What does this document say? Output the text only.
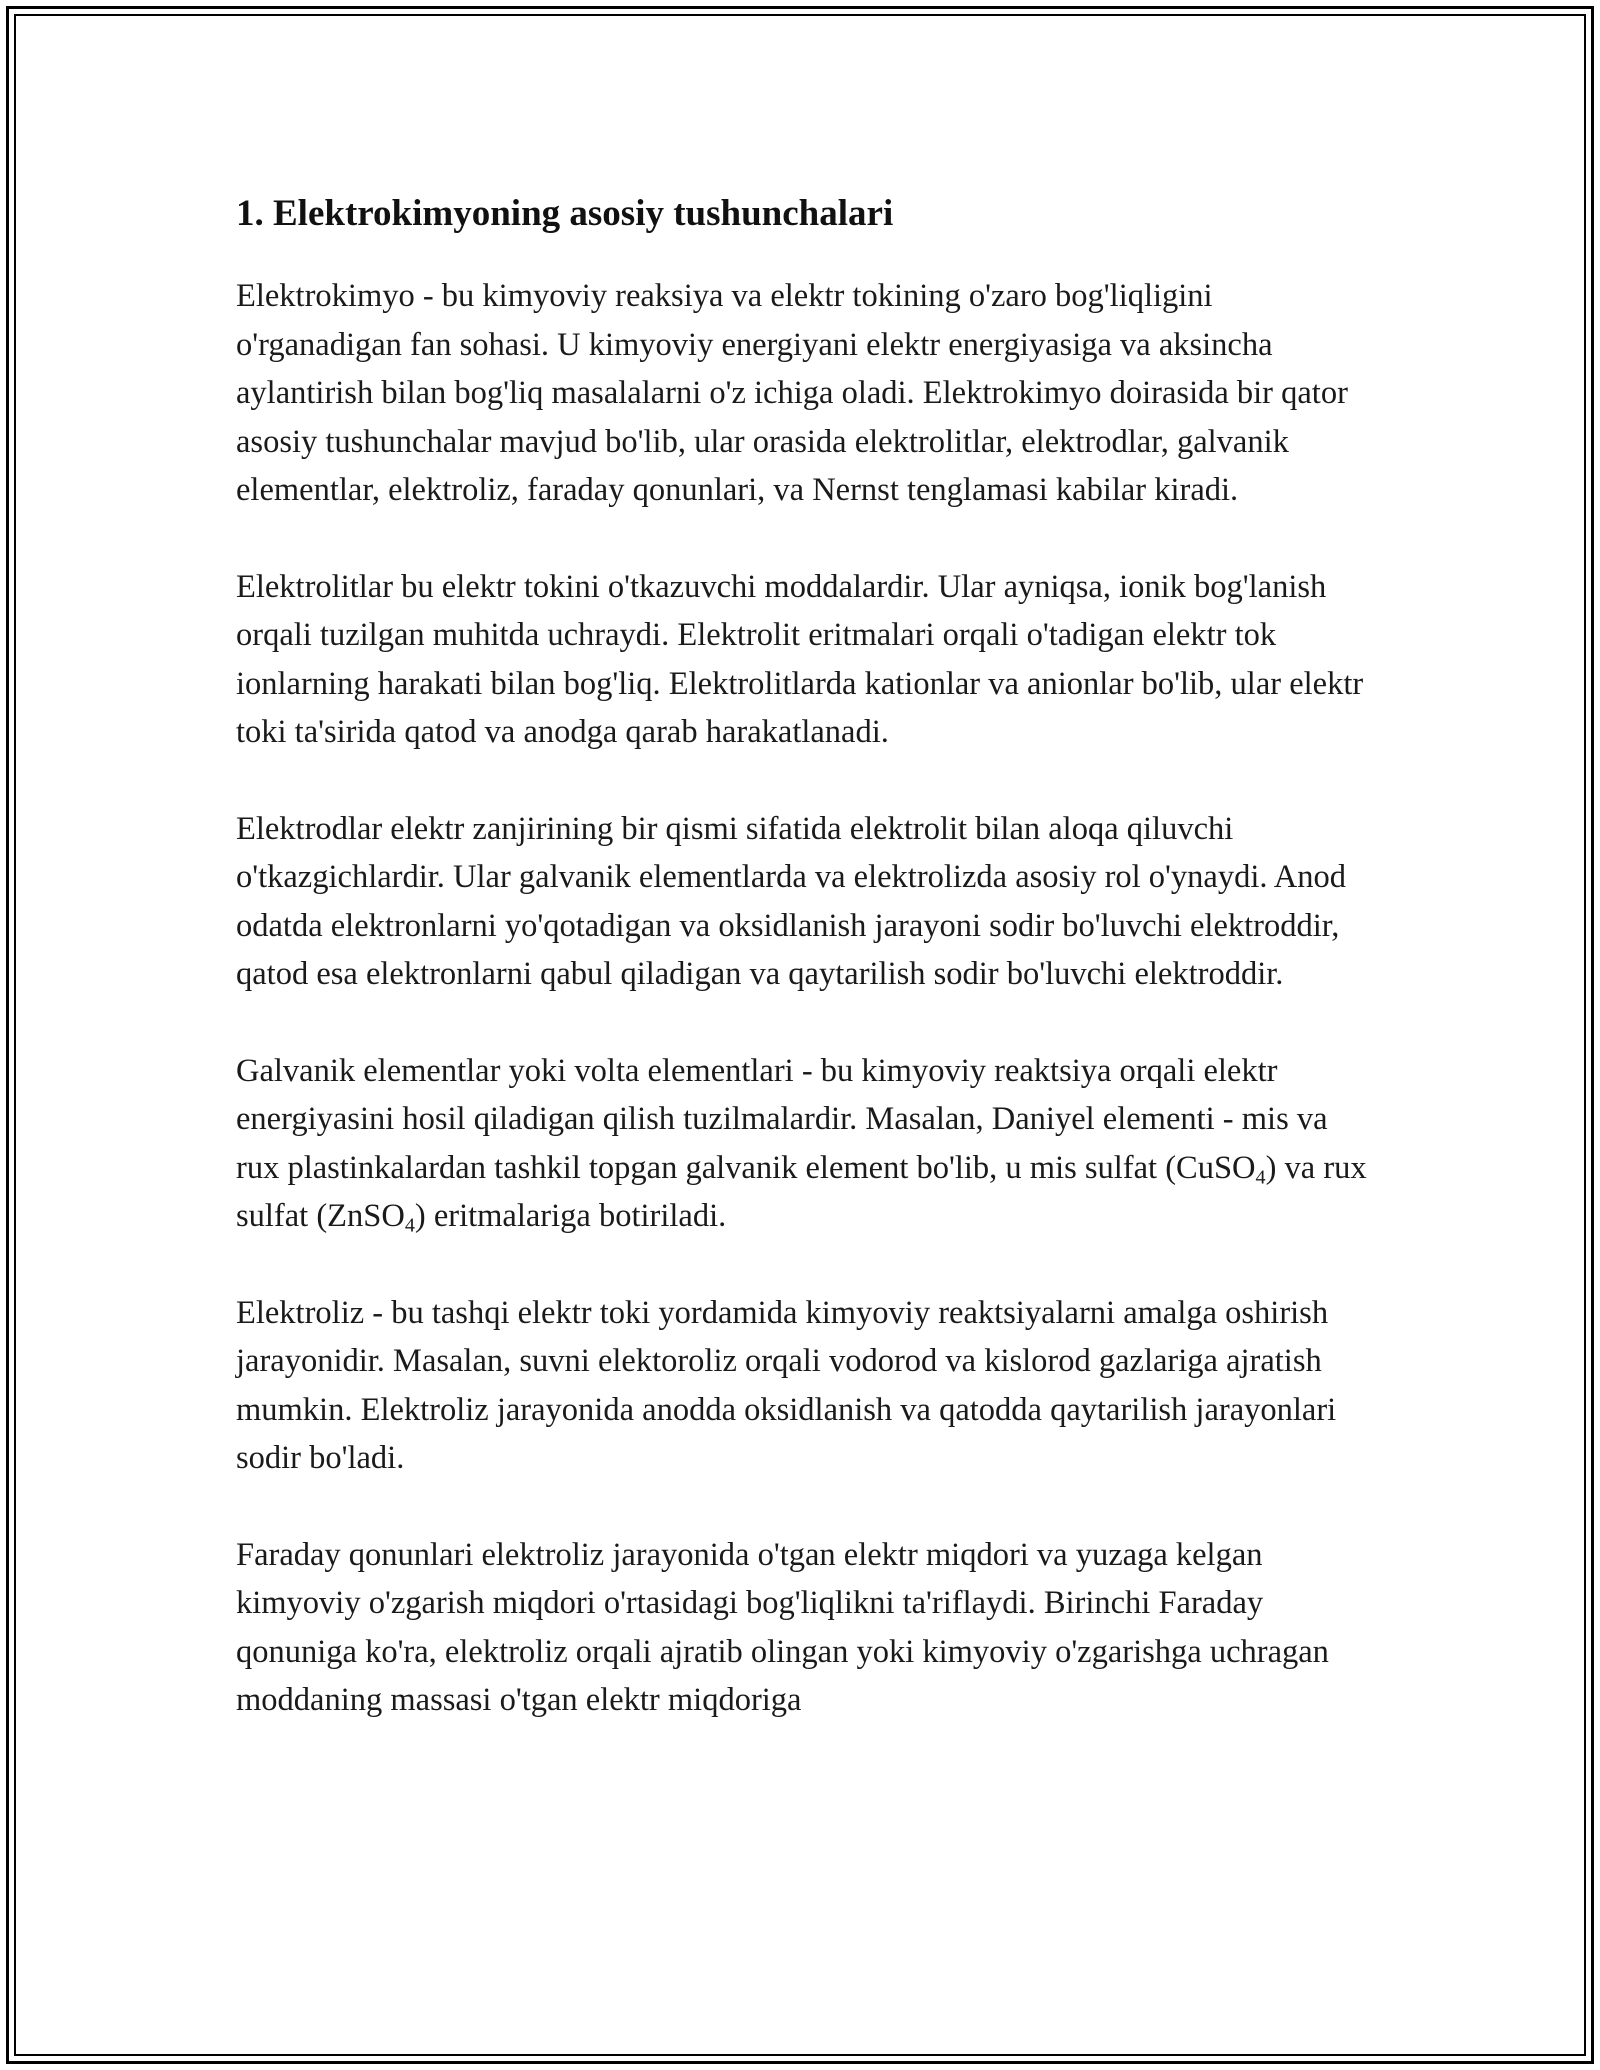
1. Elektrokimyoning asosiy tushunchalari

Elektrokimyo - bu kimyoviy reaksiya va elektr tokining o'zaro bog'liqligini o'rganadigan fan sohasi. U kimyoviy energiyani elektr energiyasiga va aksincha aylantirish bilan bog'liq masalalarni o'z ichiga oladi. Elektrokimyo doirasida bir qator asosiy tushunchalar mavjud bo'lib, ular orasida elektrolitlar, elektrodlar, galvanik elementlar, elektroliz, faraday qonunlari, va Nernst tenglamasi kabilar kiradi.

Elektrolitlar bu elektr tokini o'tkazuvchi moddalardir. Ular ayniqsa, ionik bog'lanish orqali tuzilgan muhitda uchraydi. Elektrolit eritmalari orqali o'tadigan elektr tok ionlarning harakati bilan bog'liq. Elektrolitlarda kationlar va anionlar bo'lib, ular elektr toki ta'sirida qatod va anodga qarab harakatlanadi.

Elektrodlar elektr zanjirining bir qismi sifatida elektrolit bilan aloqa qiluvchi o'tkazgichlardir. Ular galvanik elementlarda va elektrolizda asosiy rol o'ynaydi. Anod odatda elektronlarni yo'qotadigan va oksidlanish jarayoni sodir bo'luvchi elektroddir, qatod esa elektronlarni qabul qiladigan va qaytarilish sodir bo'luvchi elektroddir.

Galvanik elementlar yoki volta elementlari - bu kimyoviy reaktsiya orqali elektr energiyasini hosil qiladigan qilish tuzilmalardir. Masalan, Daniyel elementi - mis va rux plastinkalardan tashkil topgan galvanik element bo'lib, u mis sulfat (CuSO$_4$) va rux sulfat (ZnSO$_4$) eritmalariga botiriladi.

Elektroliz - bu tashqi elektr toki yordamida kimyoviy reaktsiyalarni amalga oshirish jarayonidir. Masalan, suvni elektoroliz orqali vodorod va kislorod gazlariga ajratish mumkin. Elektroliz jarayonida anodda oksidlanish va qatodda qaytarilish jarayonlari sodir bo'ladi.

Faraday qonunlari elektroliz jarayonida o'tgan elektr miqdori va yuzaga kelgan kimyoviy o'zgarish miqdori o'rtasidagi bog'liqlikni ta'riflaydi. Birinchi Faraday qonuniga ko'ra, elektroliz orqali ajratib olingan yoki kimyoviy o'zgarishga uchragan moddaning massasi o'tgan elektr miqdoriga
